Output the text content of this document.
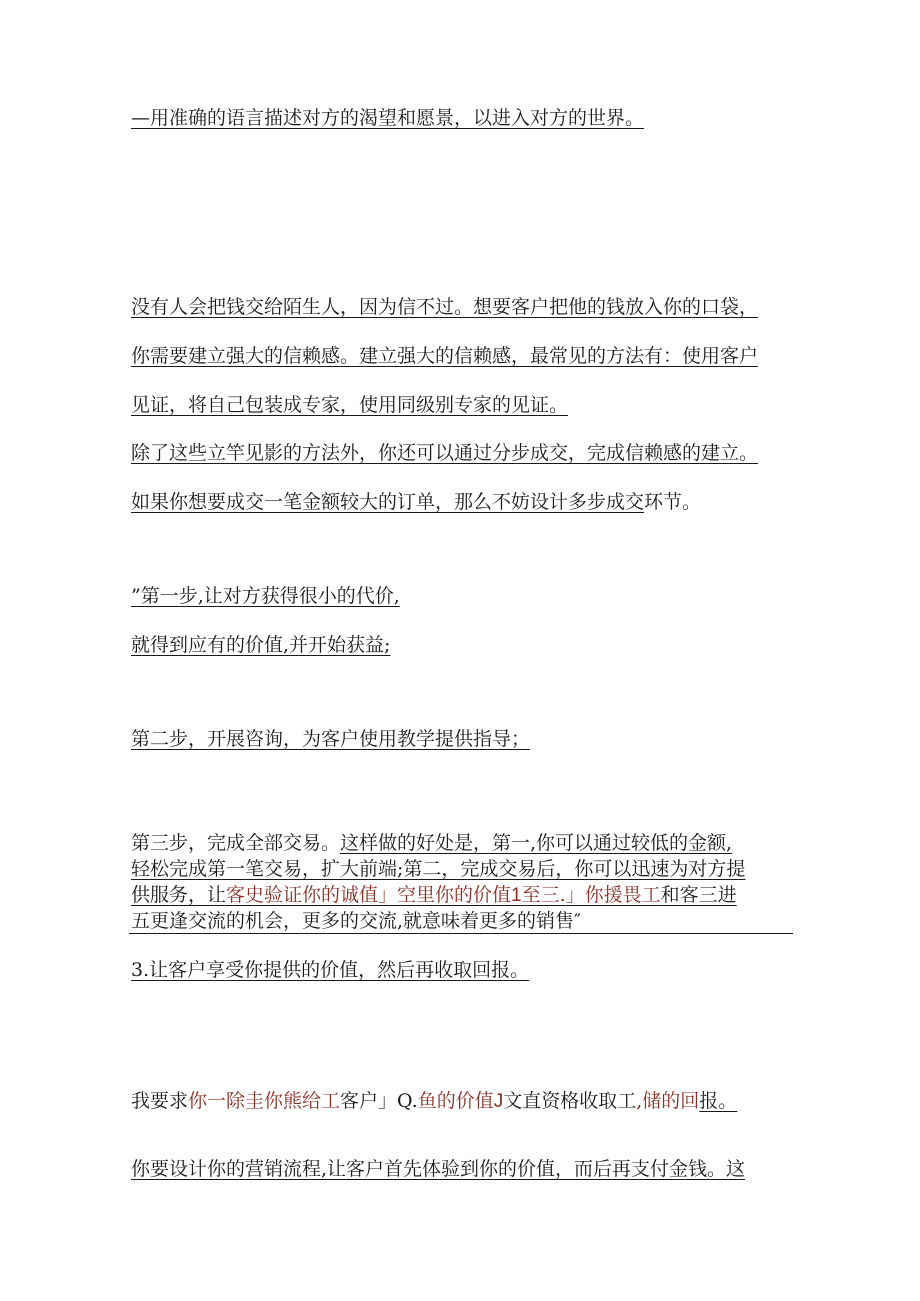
—用准确的语言描述对方的渴望和愿景，以进入对方的世界。
没有人会把钱交给陌生人，因为信不过。想要客户把他的钱放入你的口袋，
你需要建立强大的信赖感。建立强大的信赖感，最常见的方法有：使用客户
见证，将自己包装成专家，使用同级别专家的见证。
除了这些立竿见影的方法外，你还可以通过分步成交，完成信赖感的建立。
如果你想要成交一笔金额较大的订单，那么不妨设计多步成交环节。
”第一步,让对方获得很小的代价,
就得到应有的价值,并开始获益;
第二步，开展咨询，为客户使用教学提供指导；
第三步，完成全部交易。这样做的好处是，第一,你可以通过较低的金额,
轻松完成第一笔交易，扩大前端;第二，完成交易后，你可以迅速为对方提
供服务，让客史验证你的诚值」空里你的价值1至三.」你援畏工和客三进
五更逢交流的机会，更多的交流,就意味着更多的销售″
3.让客户享受你提供的价值，然后再收取回报。
我要求你一除圭你熊给工客户」Q.鱼的价值J文直资格收取工,储的回报。
你要设计你的营销流程,让客户首先体验到你的价值，而后再支付金钱。这
